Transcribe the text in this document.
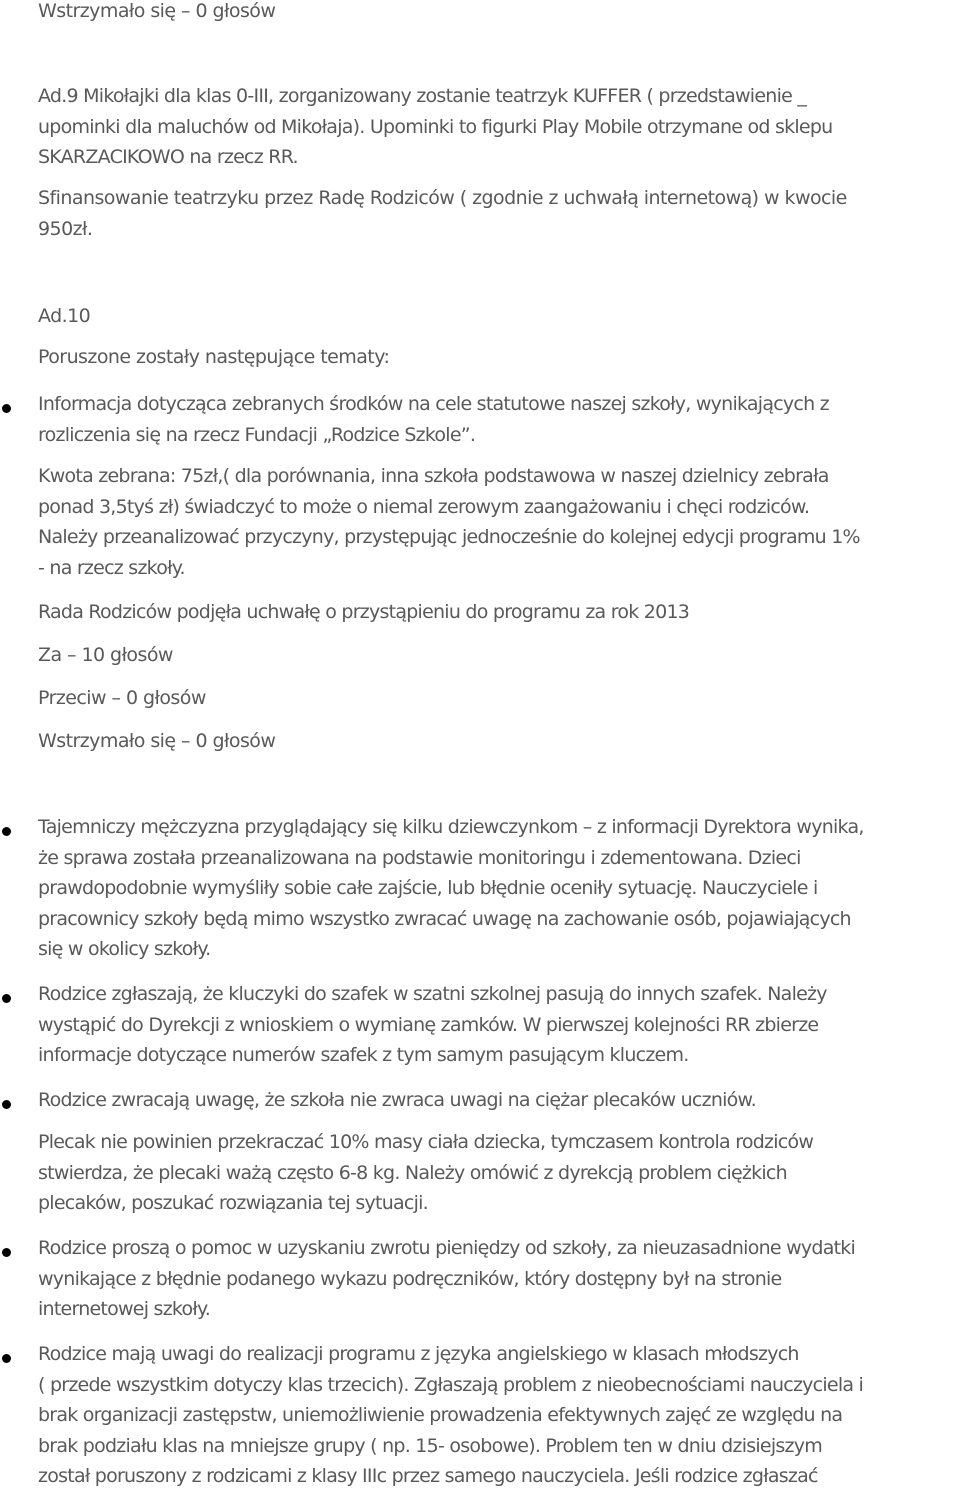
Wstrzymało się – 0 głosów

Ad.9 Mikołajki dla klas 0-III, zorganizowany zostanie teatrzyk KUFFER ( przedstawienie _

upominki dla maluchów od Mikołaja). Upominki to figurki Play Mobile otrzymane od sklepu

SKARZACIKOWO na rzecz RR.

Sfinansowanie teatrzyku przez Radę Rodziców ( zgodnie z uchwałą internetową) w kwocie

950zł.

Ad.10

Poruszone zostały następujące tematy:

Informacja dotycząca zebranych środków na cele statutowe naszej szkoły, wynikających z

rozliczenia się na rzecz Fundacji „Rodzice Szkole”.

Kwota zebrana: 75zł,( dla porównania, inna szkoła podstawowa w naszej dzielnicy zebrała

ponad 3,5tyś zł) świadczyć to może o niemal zerowym zaangażowaniu i chęci rodziców.

Należy przeanalizować przyczyny, przystępując jednocześnie do kolejnej edycji programu 1%

- na rzecz szkoły.

Rada Rodziców podjęła uchwałę o przystąpieniu do programu za rok 2013

Za – 10 głosów

Przeciw – 0 głosów

Wstrzymało się – 0 głosów

Tajemniczy mężczyzna przyglądający się kilku dziewczynkom – z informacji Dyrektora wynika,

że sprawa została przeanalizowana na podstawie monitoringu i zdementowana. Dzieci

prawdopodobnie wymyśliły sobie całe zajście, lub błędnie oceniły sytuację. Nauczyciele i

pracownicy szkoły będą mimo wszystko zwracać uwagę na zachowanie osób, pojawiających

się w okolicy szkoły.

Rodzice zgłaszają, że kluczyki do szafek w szatni szkolnej pasują do innych szafek. Należy

wystąpić do Dyrekcji z wnioskiem o wymianę zamków. W pierwszej kolejności RR zbierze

informacje dotyczące numerów szafek z tym samym pasującym kluczem.

Rodzice zwracają uwagę, że szkoła nie zwraca uwagi na ciężar plecaków uczniów.

Plecak nie powinien przekraczać 10% masy ciała dziecka, tymczasem kontrola rodziców

stwierdza, że plecaki ważą często 6-8 kg. Należy omówić z dyrekcją problem ciężkich

plecaków, poszukać rozwiązania tej sytuacji.

Rodzice proszą o pomoc w uzyskaniu zwrotu pieniędzy od szkoły, za nieuzasadnione wydatki

wynikające z błędnie podanego wykazu podręczników, który dostępny był na stronie

internetowej szkoły.

Rodzice mają uwagi do realizacji programu z języka angielskiego w klasach młodszych

( przede wszystkim dotyczy klas trzecich). Zgłaszają problem z nieobecnościami nauczyciela i

brak organizacji zastępstw, uniemożliwienie prowadzenia efektywnych zajęć ze względu na

brak podziału klas na mniejsze grupy ( np. 15- osobowe). Problem ten w dniu dzisiejszym

został poruszony z rodzicami z klasy IIIc przez samego nauczyciela. Jeśli rodzice zgłaszać
